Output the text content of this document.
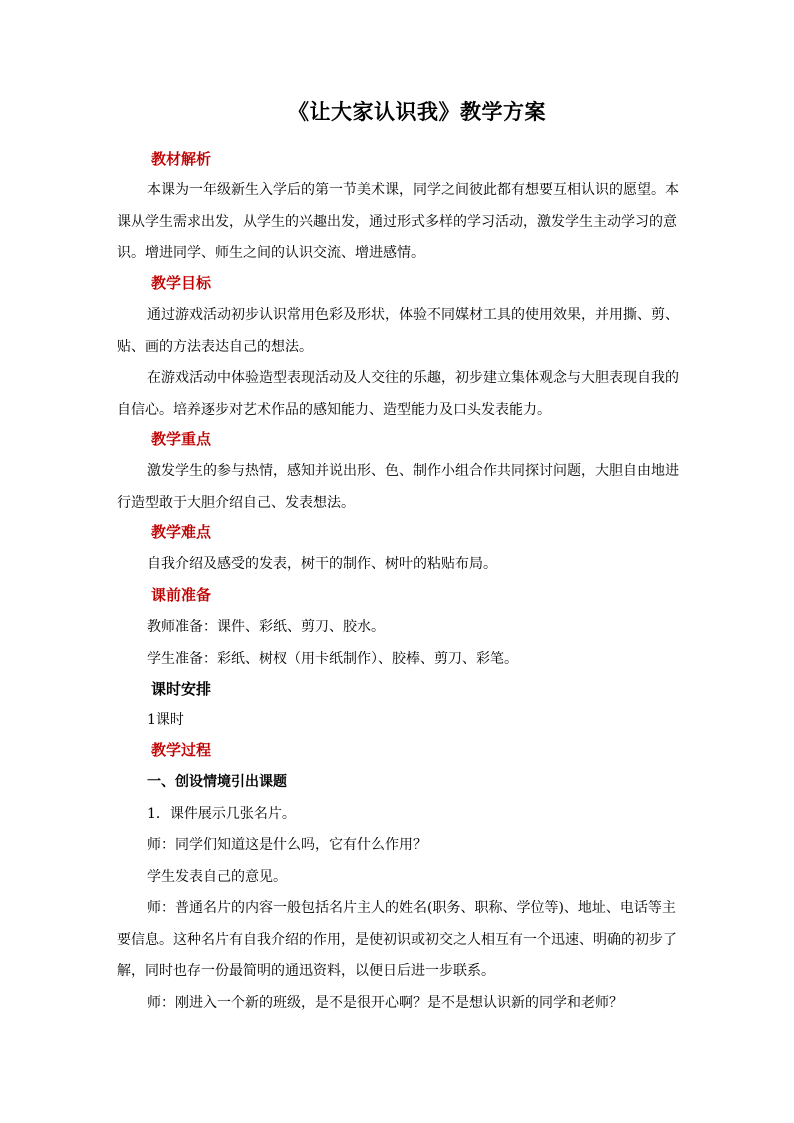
《让大家认识我》教学方案
教材解析
本课为一年级新生入学后的第一节美术课，同学之间彼此都有想要互相认识的愿望。本
课从学生需求出发，从学生的兴趣出发，通过形式多样的学习活动，激发学生主动学习的意
识。增进同学、师生之间的认识交流、增进感情。
教学目标
通过游戏活动初步认识常用色彩及形状，体验不同媒材工具的使用效果，并用撕、剪、
贴、画的方法表达自己的想法。
在游戏活动中体验造型表现活动及人交往的乐趣，初步建立集体观念与大胆表现自我的
自信心。培养逐步对艺术作品的感知能力、造型能力及口头发表能力。
教学重点
激发学生的参与热情，感知并说出形、色、制作小组合作共同探讨问题，大胆自由地进
行造型敢于大胆介绍自己、发表想法。
教学难点
自我介绍及感受的发表，树干的制作、树叶的粘贴布局。
课前准备
教师准备：课件、彩纸、剪刀、胶水。
学生准备：彩纸、树杈（用卡纸制作）、胶棒、剪刀、彩笔。
课时安排
1课时
教学过程
一、创设情境引出课题
1．课件展示几张名片。
师：同学们知道这是什么吗，它有什么作用？
学生发表自己的意见。
师：普通名片的内容一般包括名片主人的姓名(职务、职称、学位等)、地址、电话等主
要信息。这种名片有自我介绍的作用，是使初识或初交之人相互有一个迅速、明确的初步了
解，同时也存一份最简明的通迅资料，以便日后进一步联系。
师：刚进入一个新的班级，是不是很开心啊？是不是想认识新的同学和老师？
